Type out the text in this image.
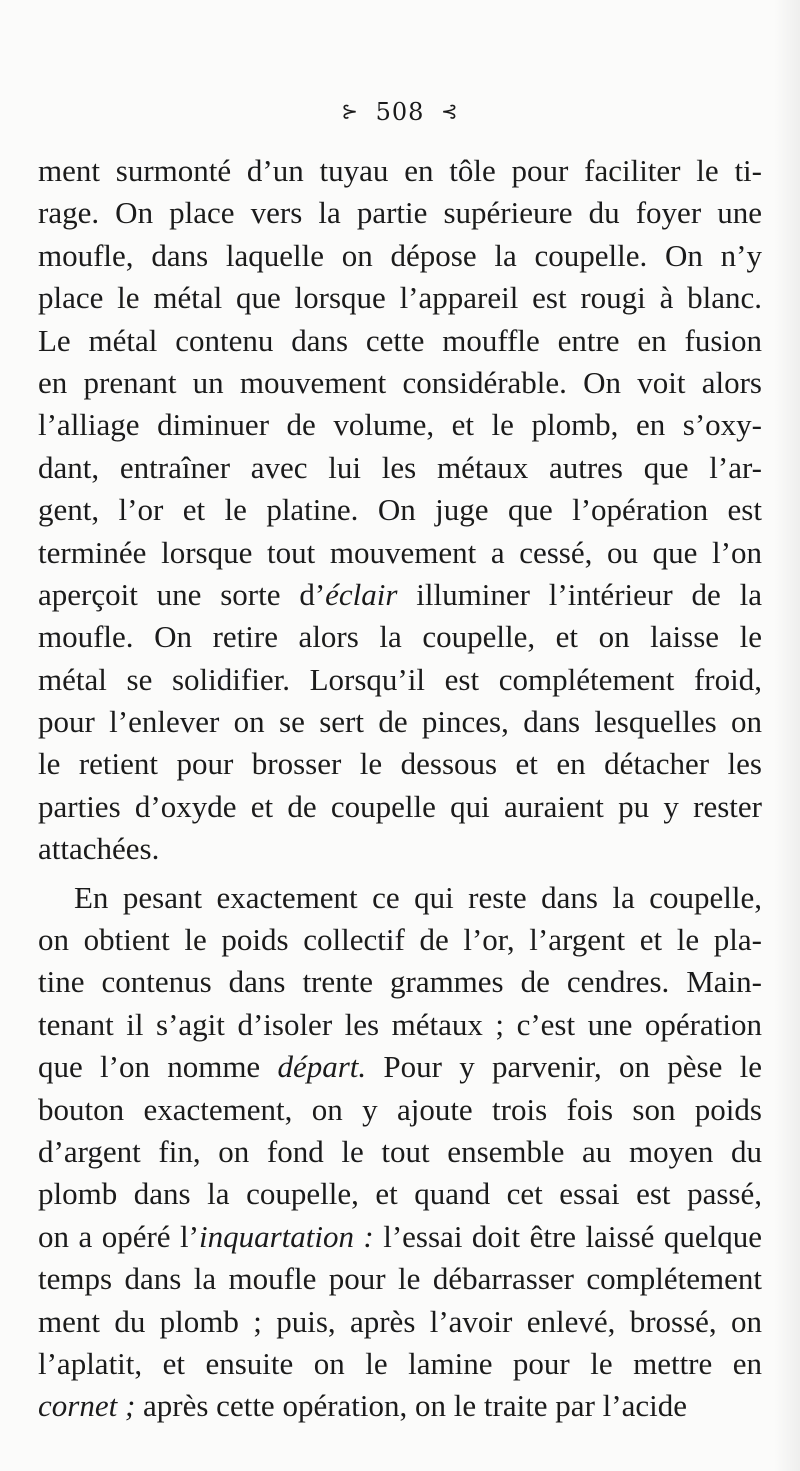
⊱ 508 ⊰
ment surmonté d’un tuyau en tôle pour faciliter le ti-
rage. On place vers la partie supérieure du foyer une
moufle, dans laquelle on dépose la coupelle. On n’y
place le métal que lorsque l’appareil est rougi à blanc.
Le métal contenu dans cette mouffle entre en fusion
en prenant un mouvement considérable. On voit alors
l’alliage diminuer de volume, et le plomb, en s’oxy-
dant, entraîner avec lui les métaux autres que l’ar-
gent, l’or et le platine. On juge que l’opération est
terminée lorsque tout mouvement a cessé, ou que l’on
aperçoit une sorte d’éclair illuminer l’intérieur de la
moufle. On retire alors la coupelle, et on laisse le
métal se solidifier. Lorsqu’il est complétement froid,
pour l’enlever on se sert de pinces, dans lesquelles on
le retient pour brosser le dessous et en détacher les
parties d’oxyde et de coupelle qui auraient pu y rester
attachées.
En pesant exactement ce qui reste dans la coupelle,
on obtient le poids collectif de l’or, l’argent et le pla-
tine contenus dans trente grammes de cendres. Main-
tenant il s’agit d’isoler les métaux ; c’est une opération
que l’on nomme départ. Pour y parvenir, on pèse le
bouton exactement, on y ajoute trois fois son poids
d’argent fin, on fond le tout ensemble au moyen du
plomb dans la coupelle, et quand cet essai est passé,
on a opéré l’inquartation : l’essai doit être laissé quelque
temps dans la moufle pour le débarrasser complétement
ment du plomb ; puis, après l’avoir enlevé, brossé, on
l’aplatit, et ensuite on le lamine pour le mettre en
cornet ; après cette opération, on le traite par l’acide
